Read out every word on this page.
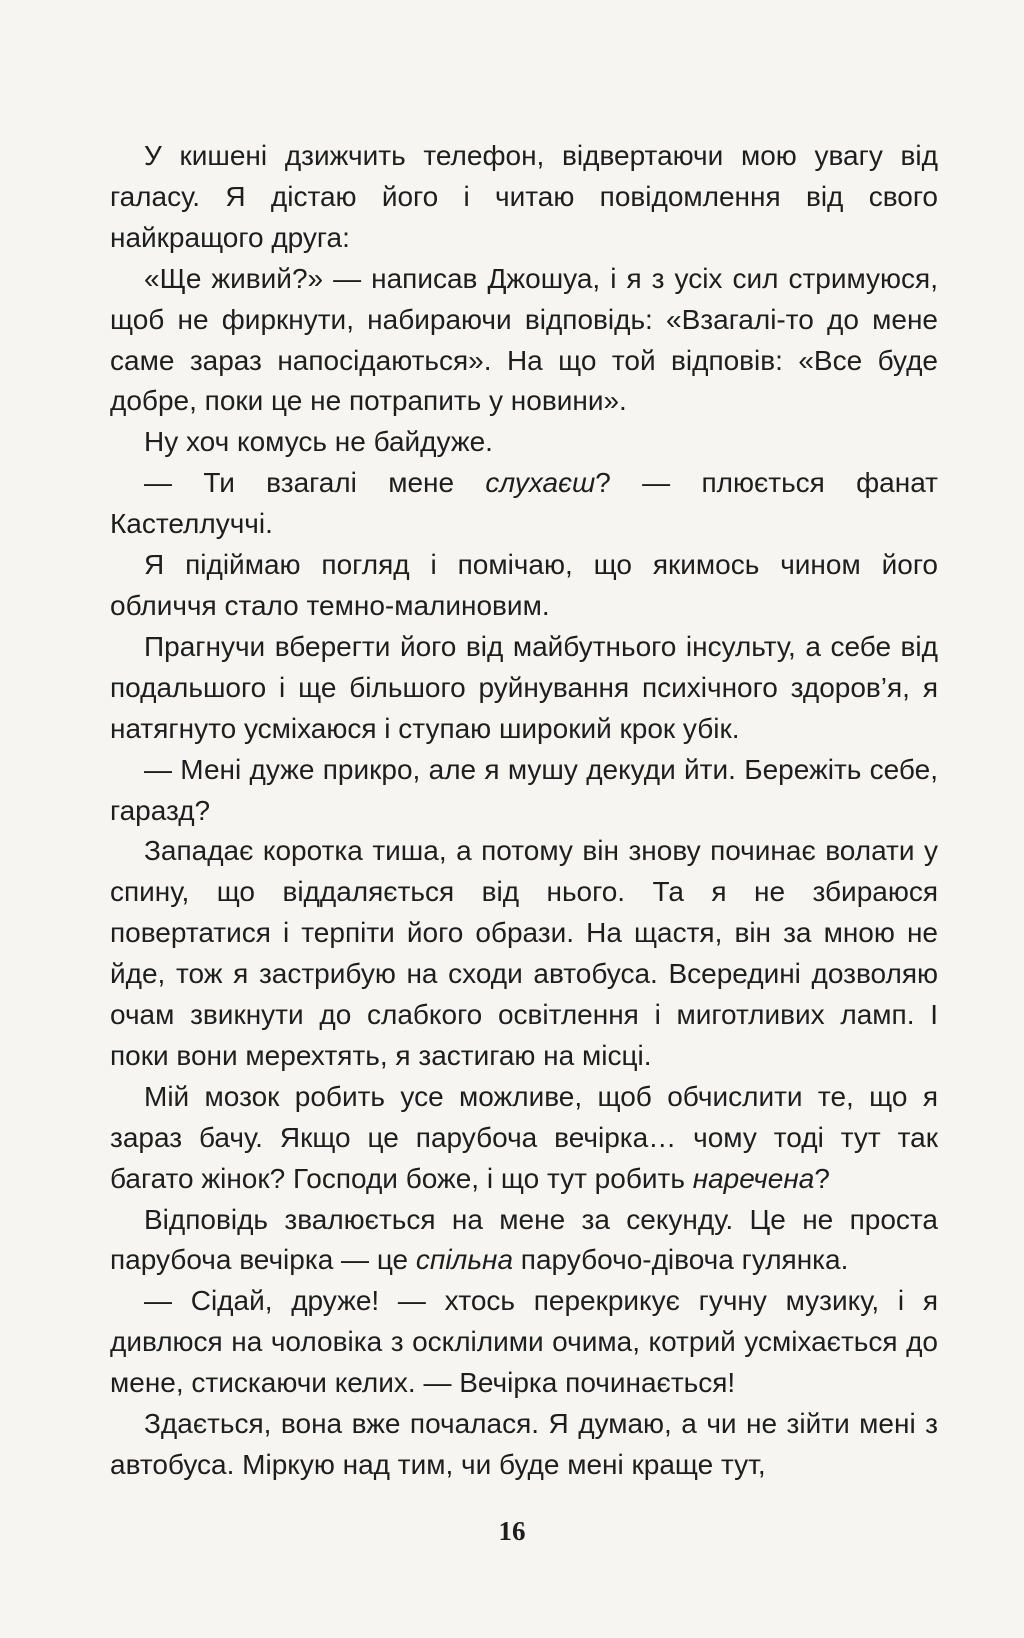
У кишені дзижчить телефон, відвертаючи мою увагу від галасу. Я дістаю його і читаю повідомлення від свого найкращого друга:

«Ще живий?» — написав Джошуа, і я з усіх сил стримуюся, щоб не фиркнути, набираючи відповідь: «Взагалі-то до мене саме зараз напосідаються». На що той відповів: «Все буде добре, поки це не потрапить у новини».

Ну хоч комусь не байдуже.

— Ти взагалі мене слухаєш? — плюється фанат Кастеллуччі.

Я підіймаю погляд і помічаю, що якимось чином його обличчя стало темно-малиновим.

Прагнучи вберегти його від майбутнього інсульту, а себе від подальшого і ще більшого руйнування психічного здоров’я, я натягнуто усміхаюся і ступаю широкий крок убік.

— Мені дуже прикро, але я мушу декуди йти. Бережіть себе, гаразд?

Западає коротка тиша, а потому він знову починає волати у спину, що віддаляється від нього. Та я не збираюся повертатися і терпіти його образи. На щастя, він за мною не йде, тож я застрибую на сходи автобуса. Всередині дозволяю очам звикнути до слабкого освітлення і миготливих ламп. І поки вони мерехтять, я застигаю на місці.

Мій мозок робить усе можливе, щоб обчислити те, що я зараз бачу. Якщо це парубоча вечірка… чому тоді тут так багато жінок? Господи боже, і що тут робить наречена?

Відповідь звалюється на мене за секунду. Це не проста парубоча вечірка — це спільна парубочо-дівоча гулянка.

— Сідай, друже! — хтось перекрикує гучну музику, і я дивлюся на чоловіка з осклілими очима, котрий усміхається до мене, стискаючи келих. — Вечірка починається!

Здається, вона вже почалася. Я думаю, а чи не зійти мені з автобуса. Міркую над тим, чи буде мені краще тут,

16
